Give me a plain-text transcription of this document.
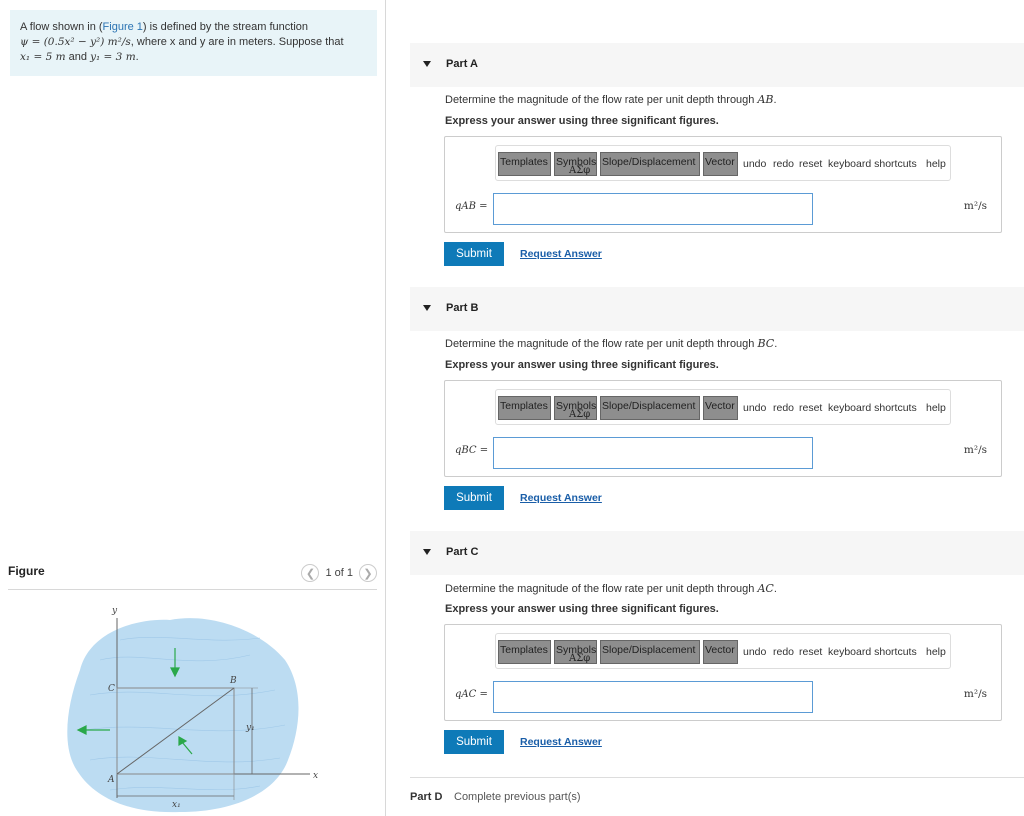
A flow shown in (Figure 1) is defined by the stream function
ψ = (0.5x² − y²) m²/s, where x and y are in meters. Suppose that
x₁ = 5 m and y₁ = 3 m.
Figure	❮ 1 of 1 ❯
y
x
C
B
A
y₁
x₁
Part A
Determine the magnitude of the flow rate per unit depth through AB.
Express your answer using three significant figures.
Templates Symbols
ΑΣφ
Slope/Displacement Vector undo redo reset keyboard shortcuts help
qAB =	m²/s
Submit	Request Answer
Part B
Determine the magnitude of the flow rate per unit depth through BC.
Express your answer using three significant figures.
Templates Symbols
ΑΣφ
Slope/Displacement Vector undo redo reset keyboard shortcuts help
qBC =	m²/s
Submit	Request Answer
Part C
Determine the magnitude of the flow rate per unit depth through AC.
Express your answer using three significant figures.
Templates Symbols
ΑΣφ
Slope/Displacement Vector undo redo reset keyboard shortcuts help
qAC =	m²/s
Submit	Request Answer
Part D Complete previous part(s)
